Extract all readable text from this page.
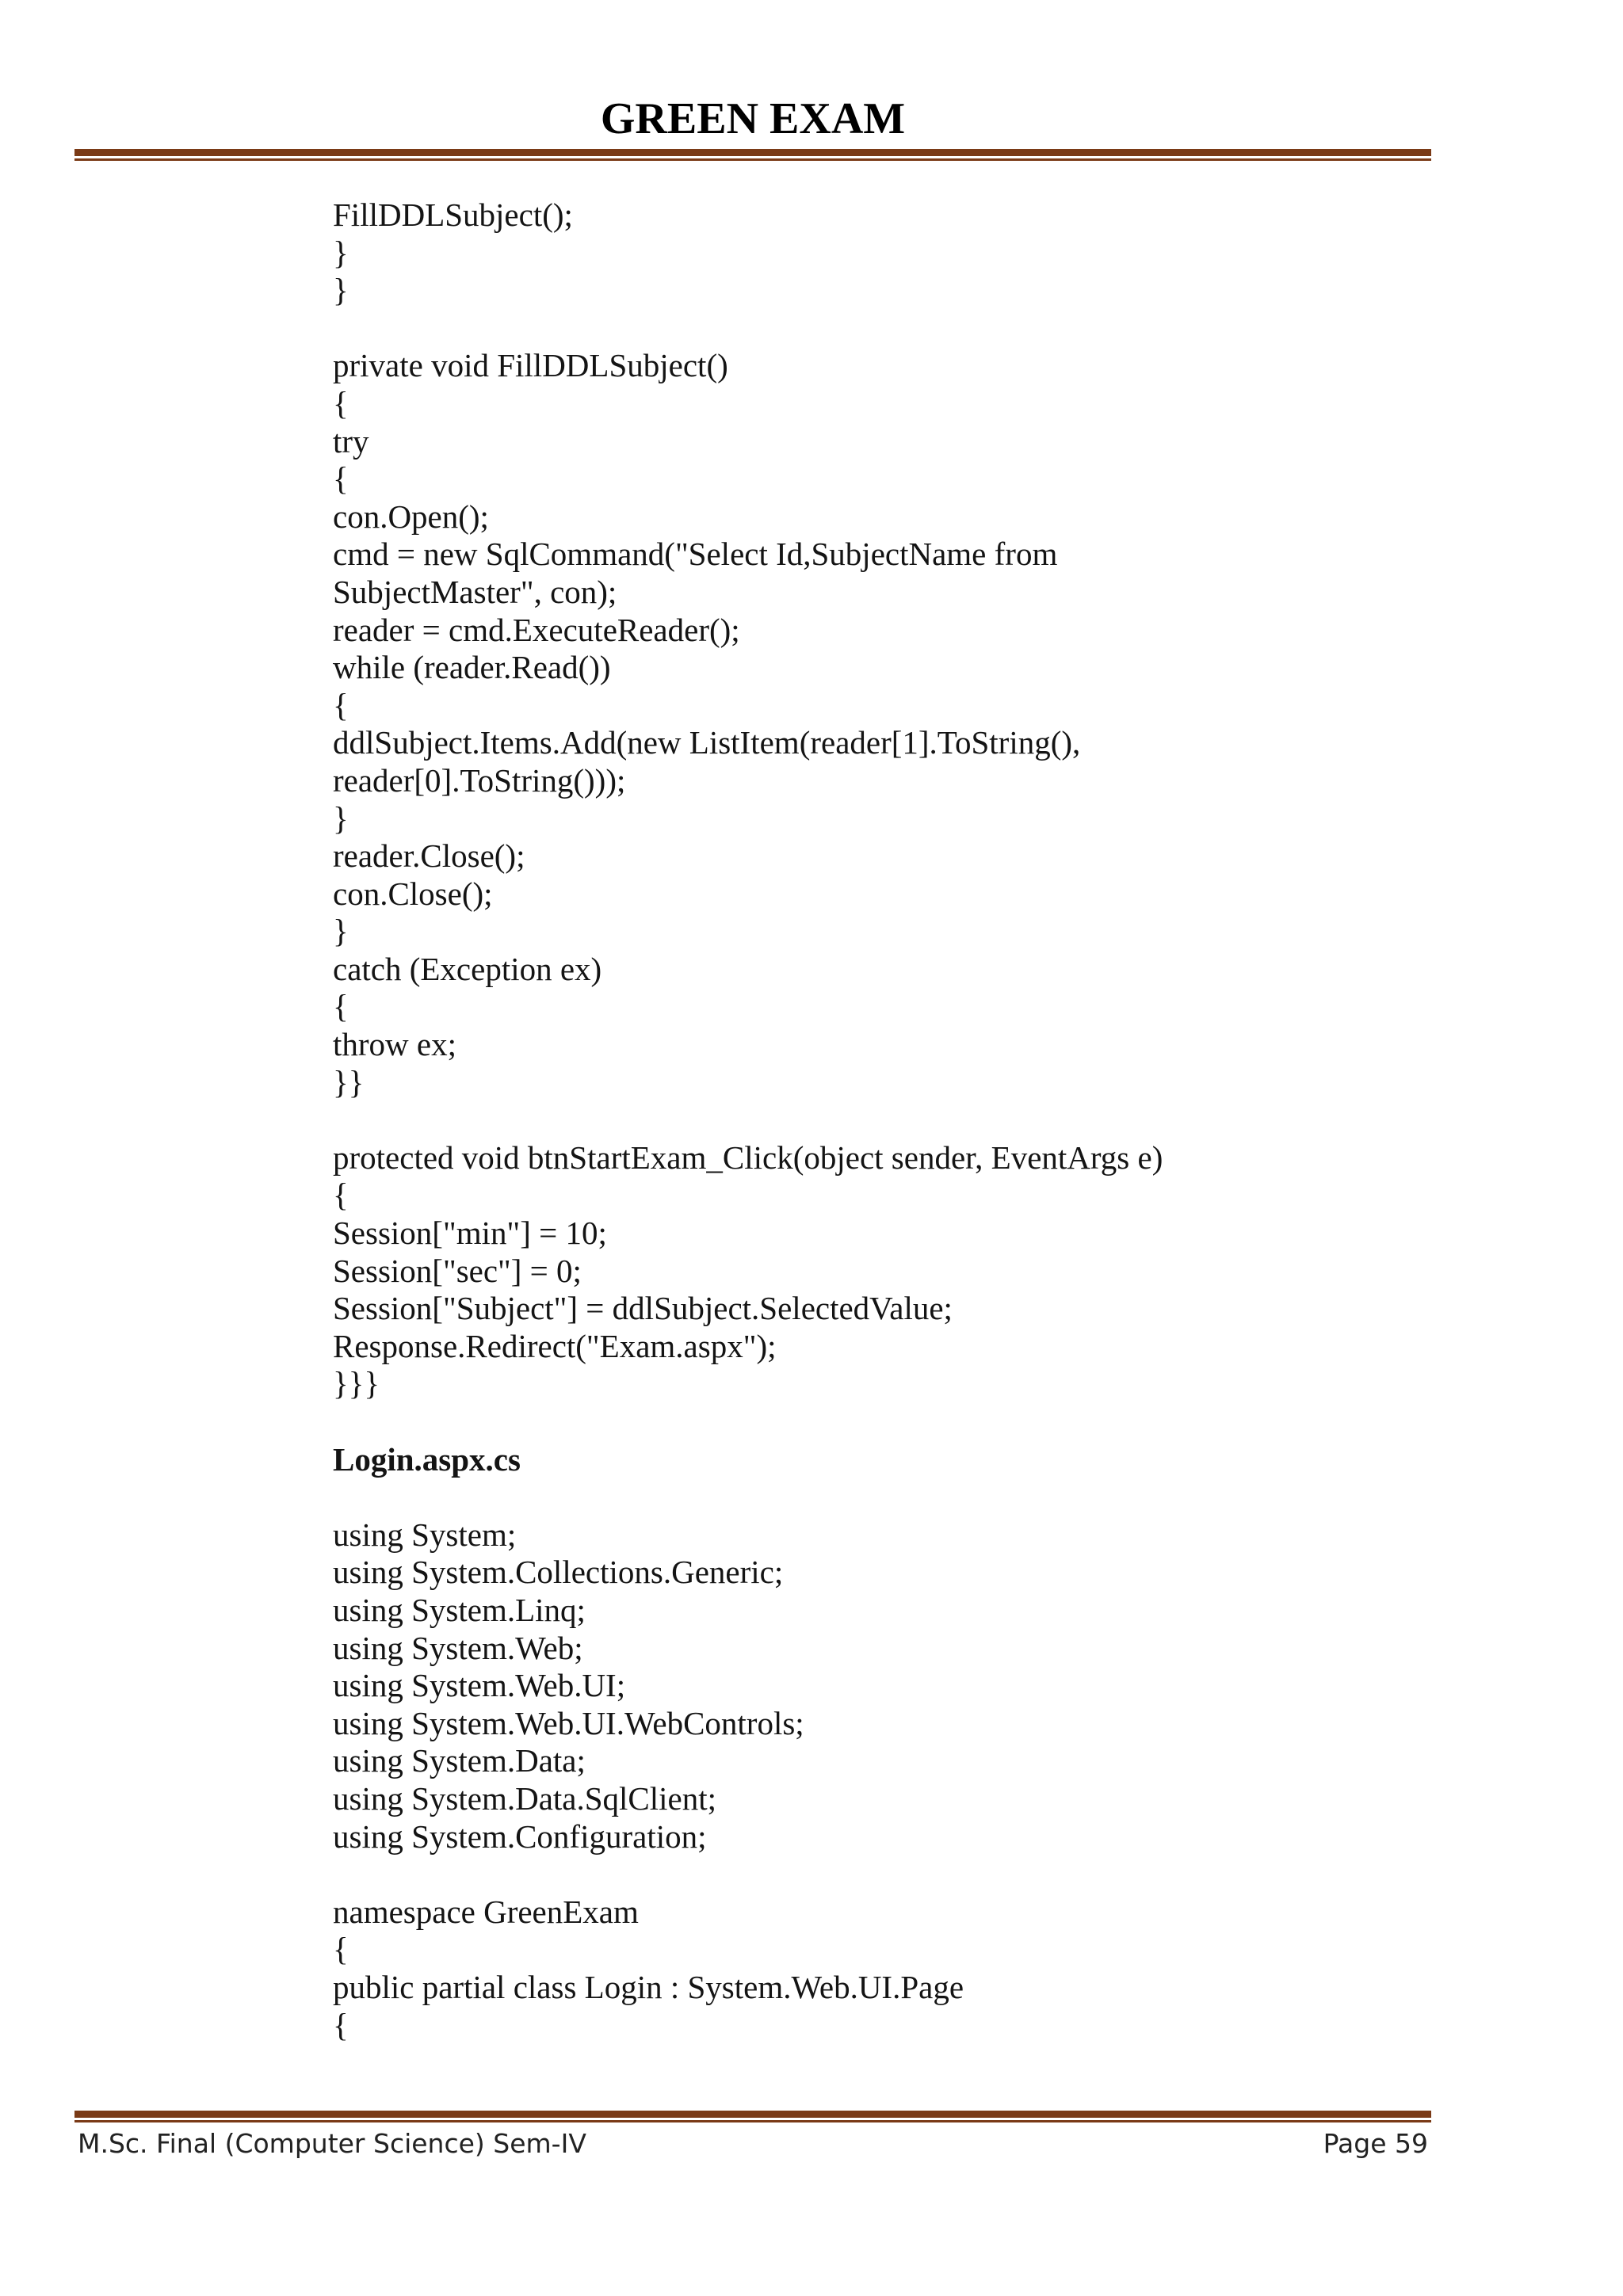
GREEN EXAM
FillDDLSubject();
}
}
private void FillDDLSubject()
{
try
{
con.Open();
cmd = new SqlCommand("Select Id,SubjectName from
SubjectMaster", con);
reader = cmd.ExecuteReader();
while (reader.Read())
{
ddlSubject.Items.Add(new ListItem(reader[1].ToString(),
reader[0].ToString()));
}
reader.Close();
con.Close();
}
catch (Exception ex)
{
throw ex;
}}
protected void btnStartExam_Click(object sender, EventArgs e)
{
Session["min"] = 10;
Session["sec"] = 0;
Session["Subject"] = ddlSubject.SelectedValue;
Response.Redirect("Exam.aspx");
}}}
Login.aspx.cs
using System;
using System.Collections.Generic;
using System.Linq;
using System.Web;
using System.Web.UI;
using System.Web.UI.WebControls;
using System.Data;
using System.Data.SqlClient;
using System.Configuration;
namespace GreenExam
{
public partial class Login : System.Web.UI.Page
{
M.Sc. Final (Computer Science) Sem-IV	Page 59
